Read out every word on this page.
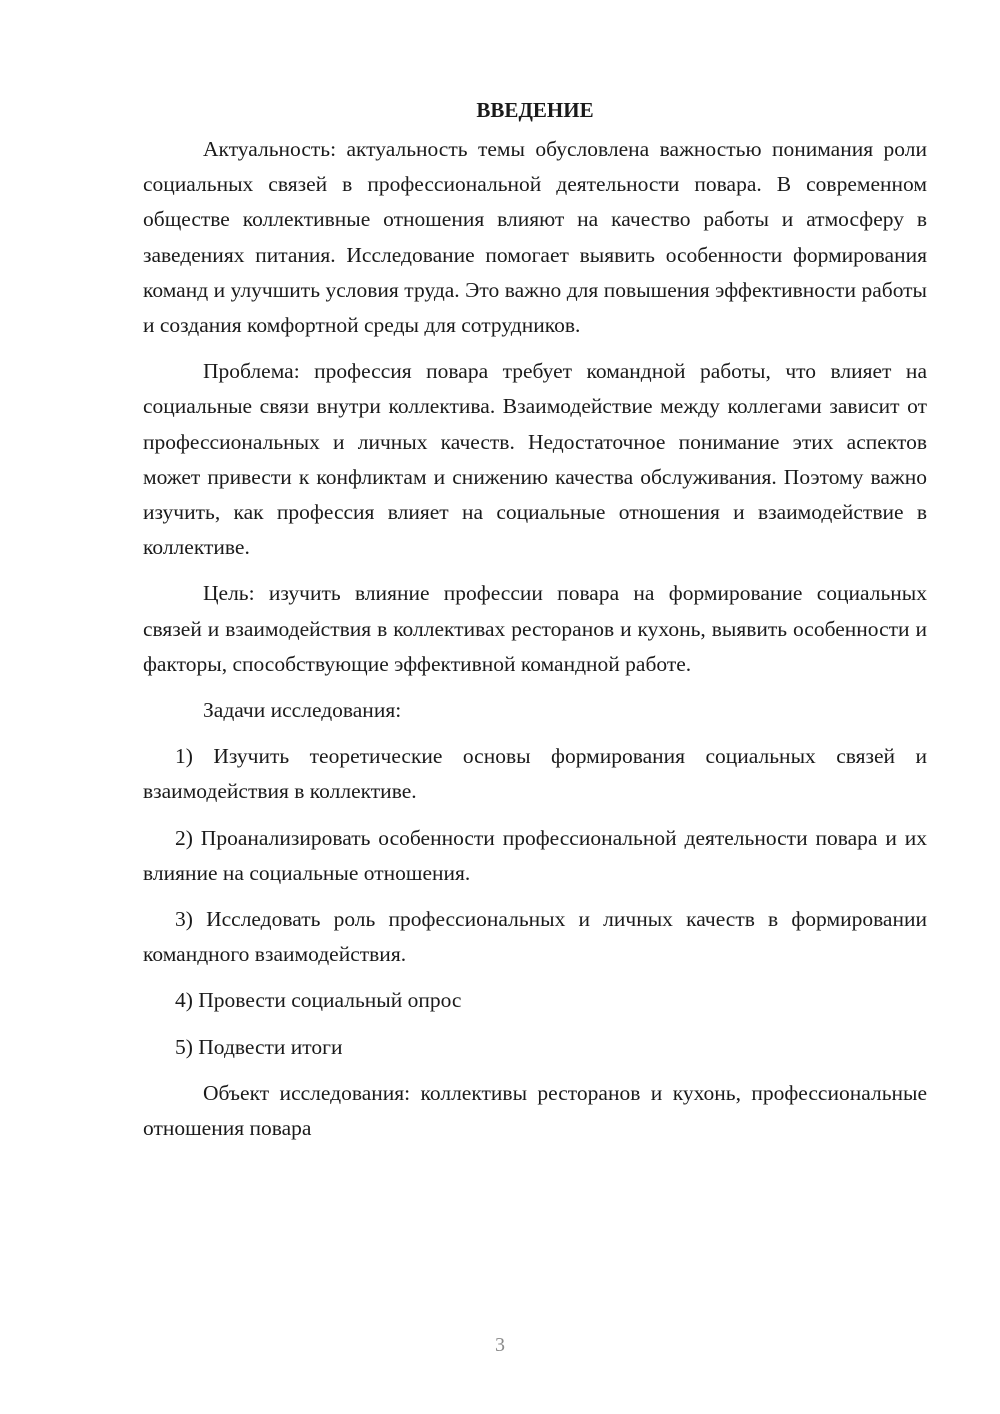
ВВЕДЕНИЕ

Актуальность: актуальность темы обусловлена важностью понимания роли социальных связей в профессиональной деятельности повара. В современном обществе коллективные отношения влияют на качество работы и атмосферу в заведениях питания. Исследование помогает выявить особенности формирования команд и улучшить условия труда. Это важно для повышения эффективности работы и создания комфортной среды для сотрудников.

Проблема: профессия повара требует командной работы, что влияет на социальные связи внутри коллектива. Взаимодействие между коллегами зависит от профессиональных и личных качеств. Недостаточное понимание этих аспектов может привести к конфликтам и снижению качества обслуживания. Поэтому важно изучить, как профессия влияет на социальные отношения и взаимодействие в коллективе.

Цель: изучить влияние профессии повара на формирование социальных связей и взаимодействия в коллективах ресторанов и кухонь, выявить особенности и факторы, способствующие эффективной командной работе.

Задачи исследования:

1) Изучить теоретические основы формирования социальных связей и взаимодействия в коллективе.

2) Проанализировать особенности профессиональной деятельности повара и их влияние на социальные отношения.

3) Исследовать роль профессиональных и личных качеств в формировании командного взаимодействия.

4) Провести социальный опрос

5) Подвести итоги

Объект исследования: коллективы ресторанов и кухонь, профессиональные отношения повара

3
